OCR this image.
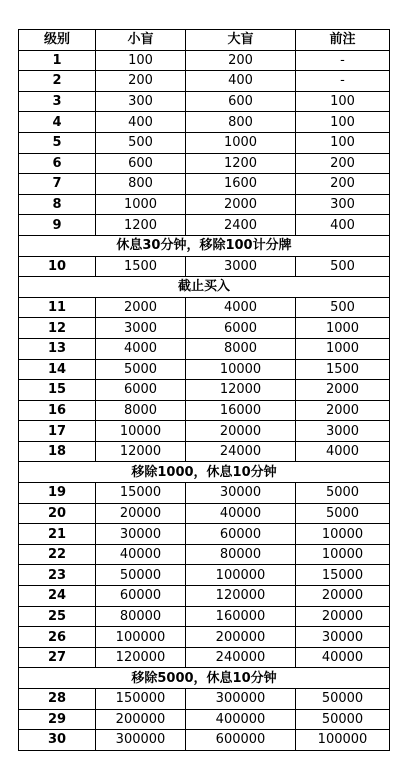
级别	小盲	大盲	前注
1	100	200	-
2	200	400	-
3	300	600	100
4	400	800	100
5	500	1000	100
6	600	1200	200
7	800	1600	200
8	1000	2000	300
9	1200	2400	400
休息30分钟，移除100计分牌			
10	1500	3000	500
截止买入			
11	2000	4000	500
12	3000	6000	1000
13	4000	8000	1000
14	5000	10000	1500
15	6000	12000	2000
16	8000	16000	2000
17	10000	20000	3000
18	12000	24000	4000
移除1000，休息10分钟			
19	15000	30000	5000
20	20000	40000	5000
21	30000	60000	10000
22	40000	80000	10000
23	50000	100000	15000
24	60000	120000	20000
25	80000	160000	20000
26	100000	200000	30000
27	120000	240000	40000
移除5000，休息10分钟			
28	150000	300000	50000
29	200000	400000	50000
30	300000	600000	100000
